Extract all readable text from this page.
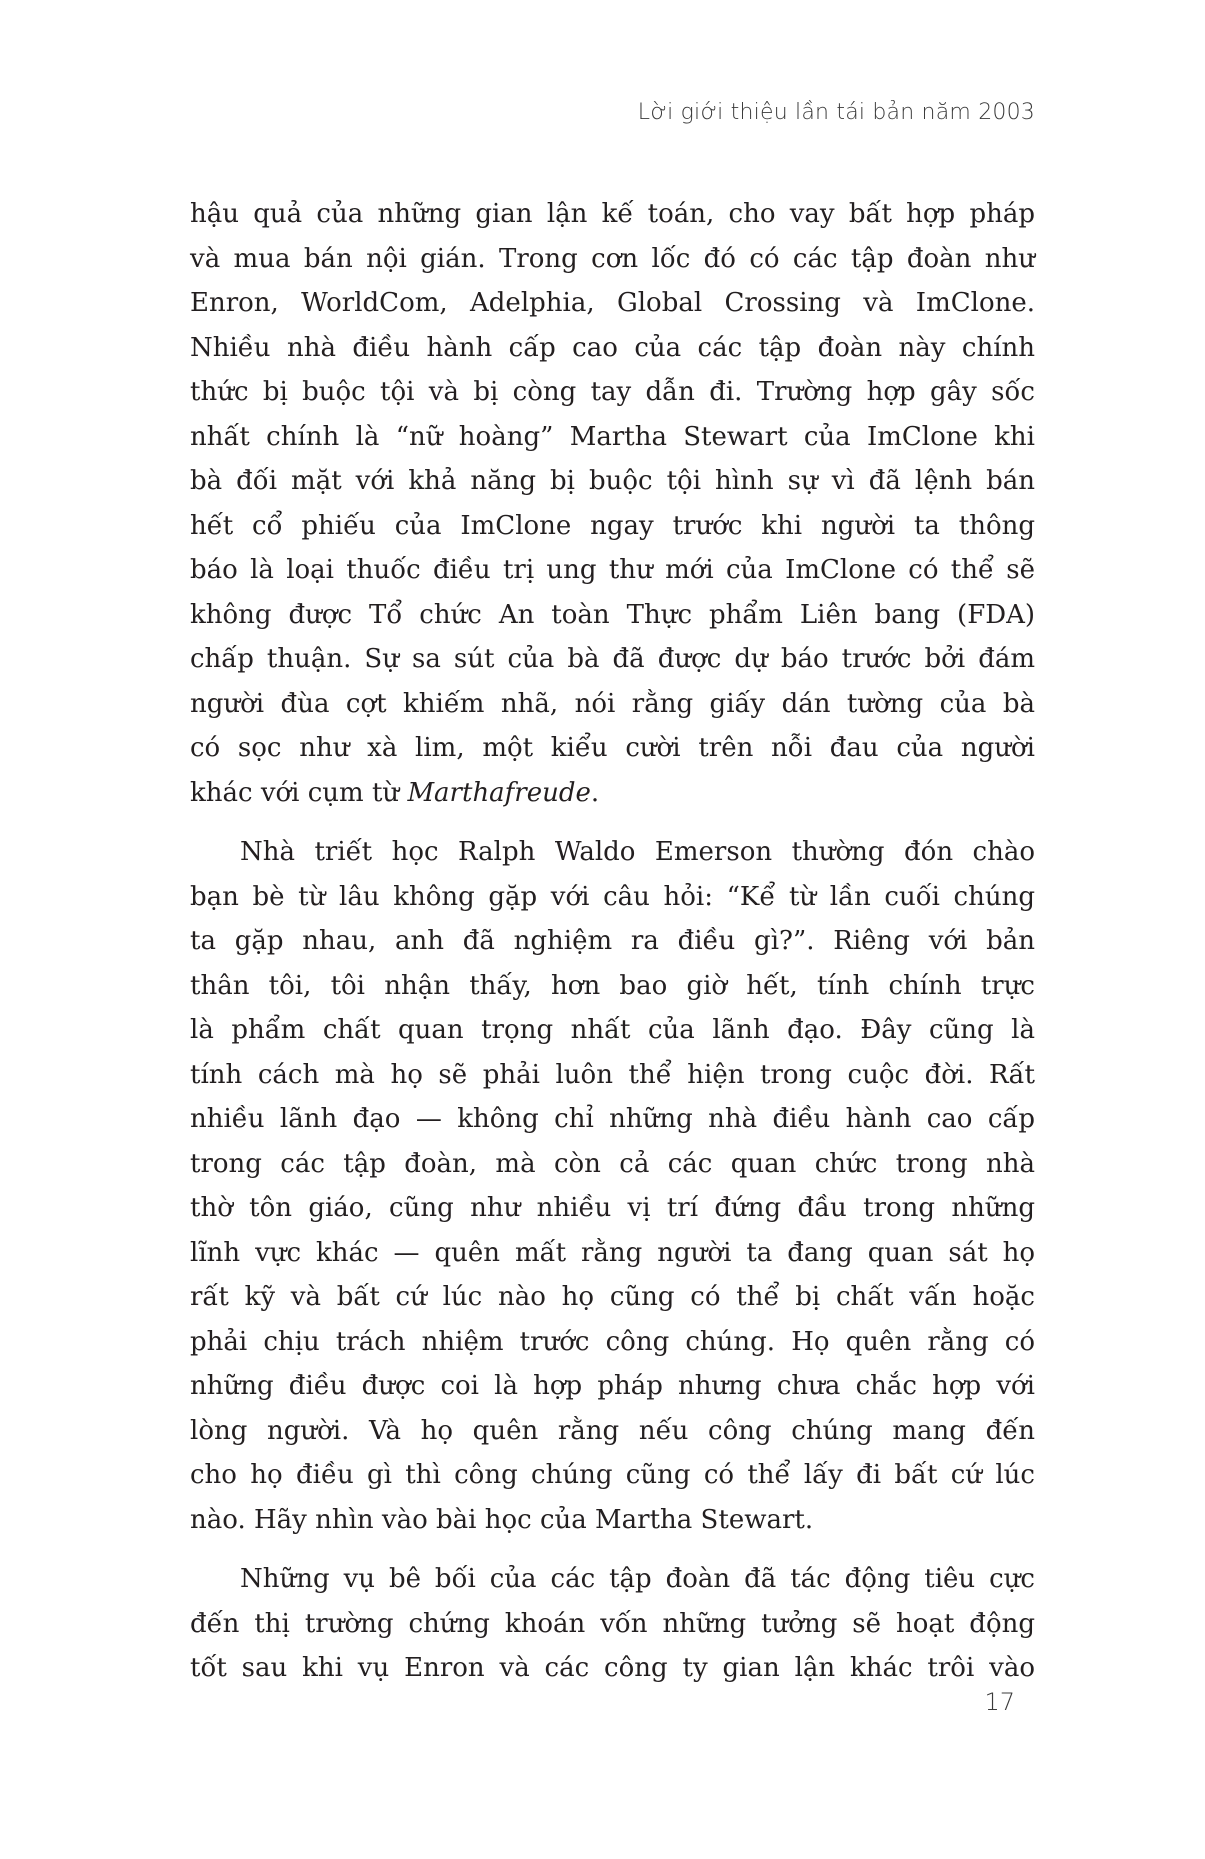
Lời giới thiệu lần tái bản năm 2003
hậu quả của những gian lận kế toán, cho vay bất hợp pháp
và mua bán nội gián. Trong cơn lốc đó có các tập đoàn như
Enron, WorldCom, Adelphia, Global Crossing và ImClone.
Nhiều nhà điều hành cấp cao của các tập đoàn này chính
thức bị buộc tội và bị còng tay dẫn đi. Trường hợp gây sốc
nhất chính là “nữ hoàng” Martha Stewart của ImClone khi
bà đối mặt với khả năng bị buộc tội hình sự vì đã lệnh bán
hết cổ phiếu của ImClone ngay trước khi người ta thông
báo là loại thuốc điều trị ung thư mới của ImClone có thể sẽ
không được Tổ chức An toàn Thực phẩm Liên bang (FDA)
chấp thuận. Sự sa sút của bà đã được dự báo trước bởi đám
người đùa cợt khiếm nhã, nói rằng giấy dán tường của bà
có sọc như xà lim, một kiểu cười trên nỗi đau của người
khác với cụm từ Marthafreude.
Nhà triết học Ralph Waldo Emerson thường đón chào
bạn bè từ lâu không gặp với câu hỏi: “Kể từ lần cuối chúng
ta gặp nhau, anh đã nghiệm ra điều gì?”. Riêng với bản
thân tôi, tôi nhận thấy, hơn bao giờ hết, tính chính trực
là phẩm chất quan trọng nhất của lãnh đạo. Đây cũng là
tính cách mà họ sẽ phải luôn thể hiện trong cuộc đời. Rất
nhiều lãnh đạo — không chỉ những nhà điều hành cao cấp
trong các tập đoàn, mà còn cả các quan chức trong nhà
thờ tôn giáo, cũng như nhiều vị trí đứng đầu trong những
lĩnh vực khác — quên mất rằng người ta đang quan sát họ
rất kỹ và bất cứ lúc nào họ cũng có thể bị chất vấn hoặc
phải chịu trách nhiệm trước công chúng. Họ quên rằng có
những điều được coi là hợp pháp nhưng chưa chắc hợp với
lòng người. Và họ quên rằng nếu công chúng mang đến
cho họ điều gì thì công chúng cũng có thể lấy đi bất cứ lúc
nào. Hãy nhìn vào bài học của Martha Stewart.
Những vụ bê bối của các tập đoàn đã tác động tiêu cực
đến thị trường chứng khoán vốn những tưởng sẽ hoạt động
tốt sau khi vụ Enron và các công ty gian lận khác trôi vào
17
